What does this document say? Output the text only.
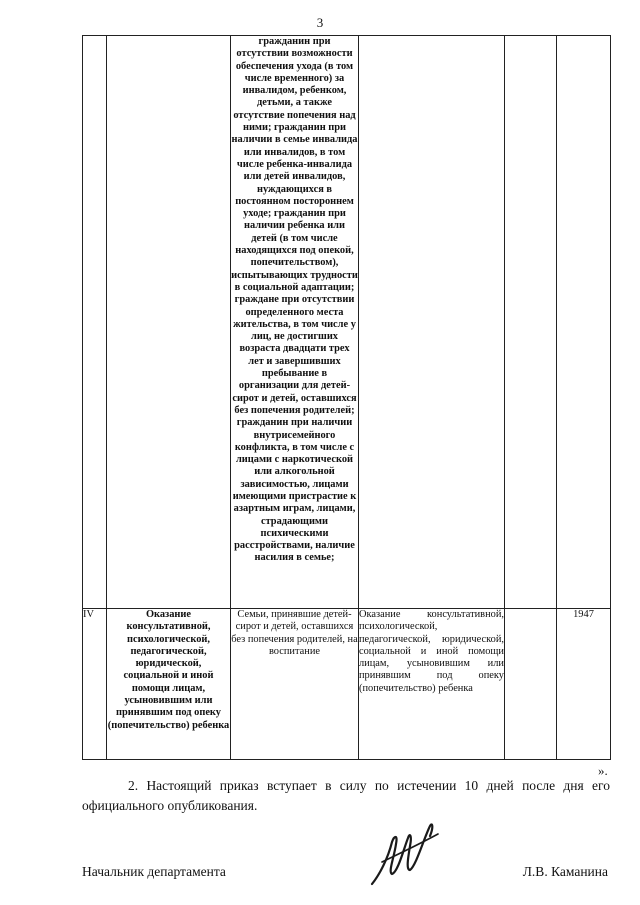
3
		гражданин при отсутствии возможности обеспечения ухода (в том числе временного) за инвалидом, ребенком, детьми, а также отсутствие попечения над ними; гражданин при наличии в семье инвалида или инвалидов, в том числе ребенка-инвалида или детей инвалидов, нуждающихся в постоянном постороннем уходе; гражданин при наличии ребенка или детей (в том числе находящихся под опекой, попечительством), испытывающих трудности в социальной адаптации; граждане при отсутствии определенного места жительства, в том числе у лиц, не достигших возраста двадцати трех лет и завершивших пребывание в организации для детей-сирот и детей, оставшихся без попечения родителей; гражданин при наличии внутрисемейного конфликта, в том числе с лицами с наркотической или алкогольной зависимостью, лицами имеющими пристрастие к азартным играм, лицами, страдающими психическими расстройствами, наличие насилия в семье;			
IV	Оказание консультативной, психологической, педагогической, юридической, социальной и иной помощи лицам, усыновившим или принявшим под опеку (попечительство) ребенка	Семьи, принявшие детей-сирот и детей, оставшихся без попечения родителей, на воспитание	Оказание консультативной, психологической, педагогической, юридической, социальной и иной помощи лицам, усыновившим или принявшим под опеку (попечительство) ребенка		1947
».
2. Настоящий приказ вступает в силу по истечении 10 дней после дня его официального опубликования.
Начальник департамента	Л.В. Каманина
